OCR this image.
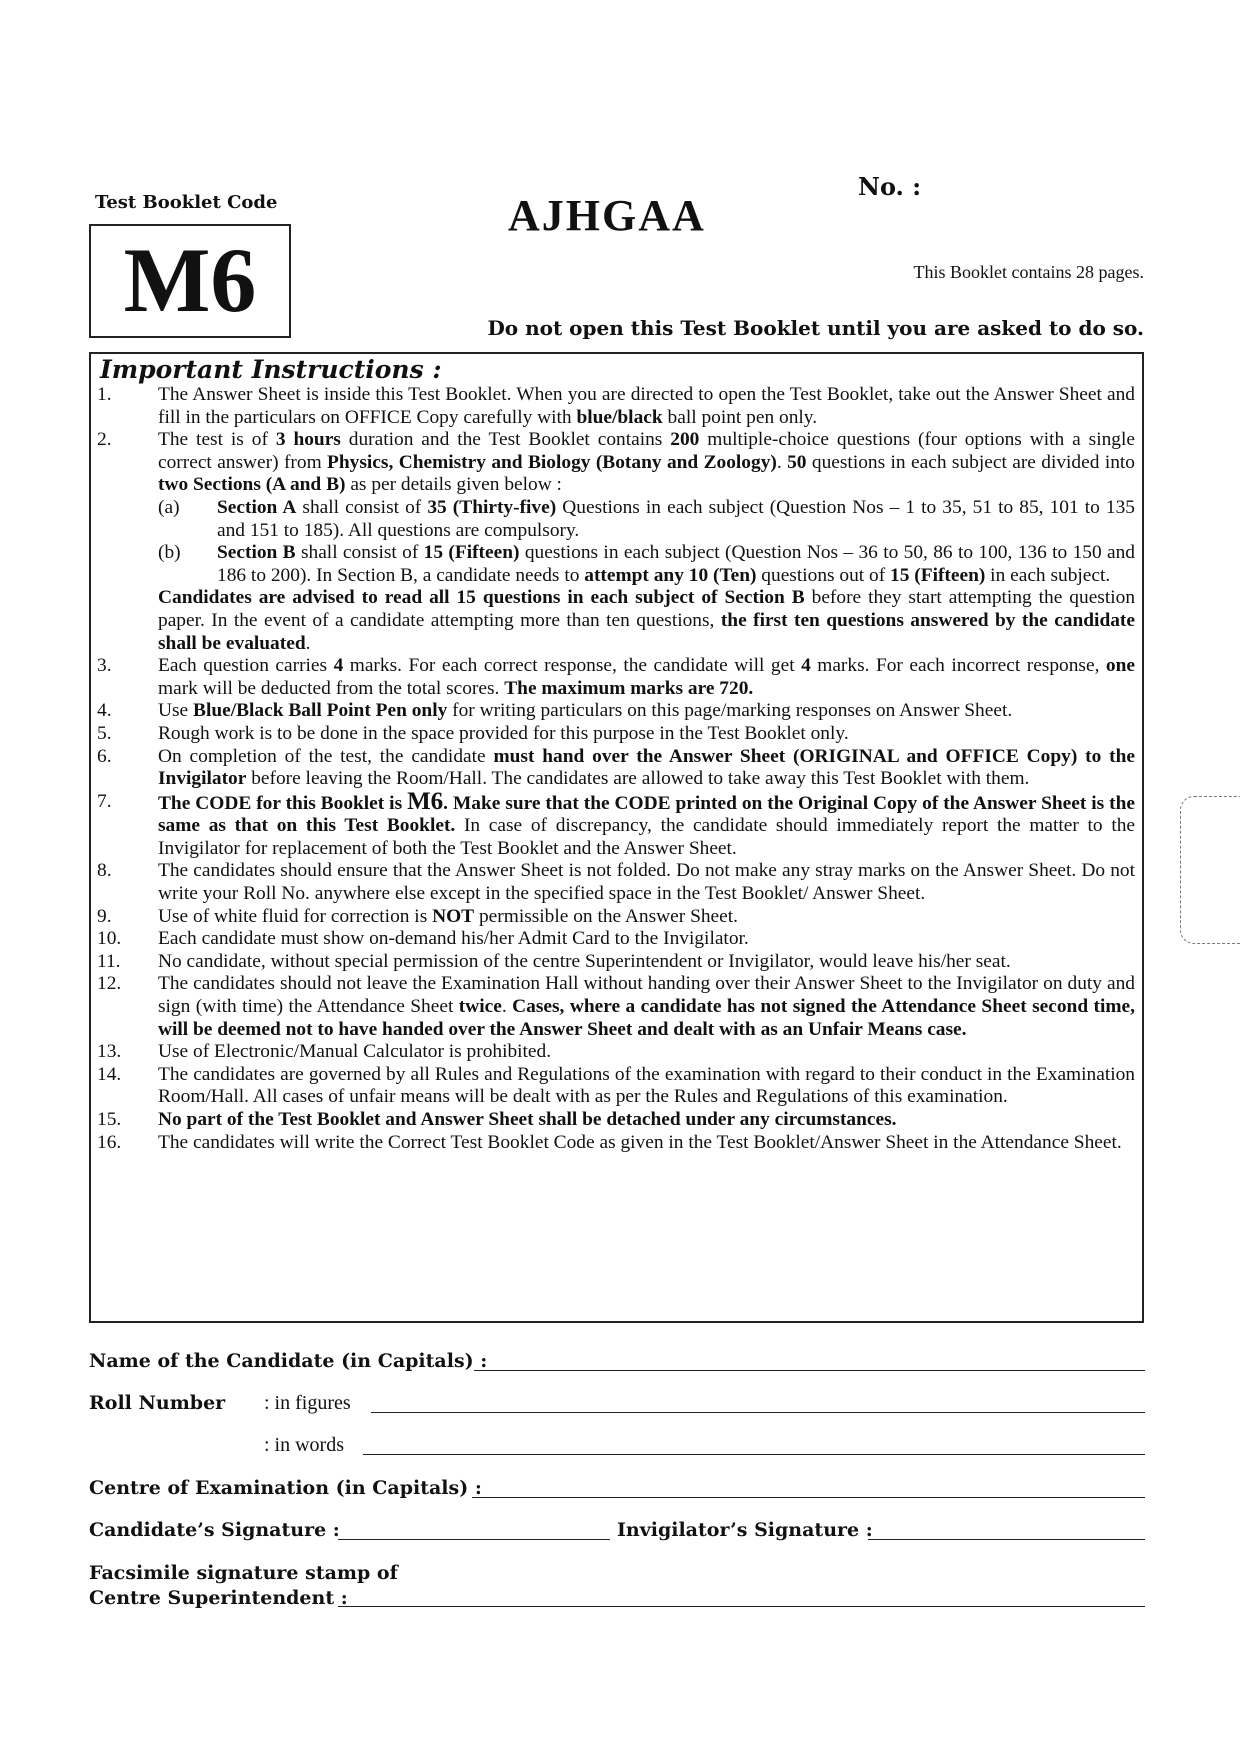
Test Booklet Code
M6
AJHGAA
No. :
This Booklet contains 28 pages.
Do not open this Test Booklet until you are asked to do so.
Important Instructions :
1.	The Answer Sheet is inside this Test Booklet. When you are directed to open the Test Booklet, take out the Answer Sheet and fill in the particulars on OFFICE Copy carefully with blue/black ball point pen only.
2.	The test is of 3 hours duration and the Test Booklet contains 200 multiple-choice questions (four options with a single correct answer) from Physics, Chemistry and Biology (Botany and Zoology). 50 questions in each subject are divided into two Sections (A and B) as per details given below :
(a)	Section A shall consist of 35 (Thirty-five) Questions in each subject (Question Nos – 1 to 35, 51 to 85, 101 to 135 and 151 to 185). All questions are compulsory.
(b)	Section B shall consist of 15 (Fifteen) questions in each subject (Question Nos – 36 to 50, 86 to 100, 136 to 150 and 186 to 200). In Section B, a candidate needs to attempt any 10 (Ten) questions out of 15 (Fifteen) in each subject.
Candidates are advised to read all 15 questions in each subject of Section B before they start attempting the question paper. In the event of a candidate attempting more than ten questions, the first ten questions answered by the candidate shall be evaluated.
3.	Each question carries 4 marks. For each correct response, the candidate will get 4 marks. For each incorrect response, one mark will be deducted from the total scores. The maximum marks are 720.
4.	Use Blue/Black Ball Point Pen only for writing particulars on this page/marking responses on Answer Sheet.
5.	Rough work is to be done in the space provided for this purpose in the Test Booklet only.
6.	On completion of the test, the candidate must hand over the Answer Sheet (ORIGINAL and OFFICE Copy) to the Invigilator before leaving the Room/Hall. The candidates are allowed to take away this Test Booklet with them.
7.	The CODE for this Booklet is M6. Make sure that the CODE printed on the Original Copy of the Answer Sheet is the same as that on this Test Booklet. In case of discrepancy, the candidate should immediately report the matter to the Invigilator for replacement of both the Test Booklet and the Answer Sheet.
8.	The candidates should ensure that the Answer Sheet is not folded. Do not make any stray marks on the Answer Sheet. Do not write your Roll No. anywhere else except in the specified space in the Test Booklet/ Answer Sheet.
9.	Use of white fluid for correction is NOT permissible on the Answer Sheet.
10.	Each candidate must show on-demand his/her Admit Card to the Invigilator.
11.	No candidate, without special permission of the centre Superintendent or Invigilator, would leave his/her seat.
12.	The candidates should not leave the Examination Hall without handing over their Answer Sheet to the Invigilator on duty and sign (with time) the Attendance Sheet twice. Cases, where a candidate has not signed the Attendance Sheet second time, will be deemed not to have handed over the Answer Sheet and dealt with as an Unfair Means case.
13.	Use of Electronic/Manual Calculator is prohibited.
14.	The candidates are governed by all Rules and Regulations of the examination with regard to their conduct in the Examination Room/Hall. All cases of unfair means will be dealt with as per the Rules and Regulations of this examination.
15.	No part of the Test Booklet and Answer Sheet shall be detached under any circumstances.
16.	The candidates will write the Correct Test Booklet Code as given in the Test Booklet/Answer Sheet in the Attendance Sheet.
Name of the Candidate (in Capitals) :
Roll Number : in figures
: in words
Centre of Examination (in Capitals) :
Candidate’s Signature :	Invigilator’s Signature :
Facsimile signature stamp of
Centre Superintendent :
